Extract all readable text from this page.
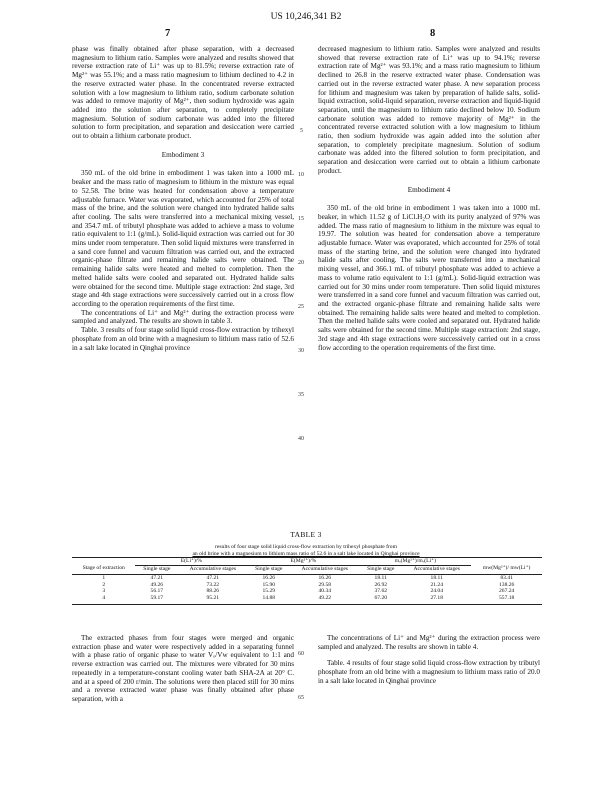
US 10,246,341 B2
7	8

phase was finally obtained after phase separation, with a decreased magnesium to lithium ratio. Samples were analyzed and results showed that reverse extraction rate of Li⁺ was up to 81.5%; reverse extraction rate of Mg²⁺ was 55.1%; and a mass ratio magnesium to lithium declined to 4.2 in the reserve extracted water phase. In the concentrated reverse extracted solution with a low magnesium to lithium ratio, sodium carbonate solution was added to remove majority of Mg²⁺, then sodium hydroxide was again added into the solution after separation, to completely precipitate magnesium. Solution of sodium carbonate was added into the filtered solution to form precipitation, and separation and desiccation were carried out to obtain a lithium carbonate product.

Embodiment 3

350 mL of the old brine in embodiment 1 was taken into a 1000 mL beaker and the mass ratio of magnesium to lithium in the mixture was equal to 52.58. The brine was heated for condensation above a temperature adjustable furnace. Water was evaporated, which accounted for 25% of total mass of the brine, and the solution were changed into hydrated halide salts after cooling. The salts were transferred into a mechanical mixing vessel, and 354.7 mL of tributyl phosphate was added to achieve a mass to volume ratio equivalent to 1:1 (g/mL). Solid-liquid extraction was carried out for 30 mins under room temperature. Then solid liquid mixtures were transferred in a sand core funnel and vacuum filtration was carried out, and the extracted organic-phase filtrate and remaining halide salts were obtained. The remaining halide salts were heated and melted to completion. Then the melted halide salts were cooled and separated out. Hydrated halide salts were obtained for the second time. Multiple stage extraction: 2nd stage, 3rd stage and 4th stage extractions were successively carried out in a cross flow according to the operation requirements of the first time.

The concentrations of Li⁺ and Mg²⁺ during the extraction process were sampled and analyzed. The results are shown in table 3.

Table. 3 results of four stage solid liquid cross-flow extraction by trihexyl phosphate from an old brine with a magnesium to lithium mass ratio of 52.6 in a salt lake located in Qinghai province

decreased magnesium to lithium ratio. Samples were analyzed and results showed that reverse extraction rate of Li⁺ was up to 94.1%; reverse extraction rate of Mg²⁺ was 93.1%; and a mass ratio magnesium to lithium declined to 26.8 in the reserve extracted water phase. Condensation was carried out in the reverse extracted water phase. A new separation process for lithium and magnesium was taken by preparation of halide salts, solid-liquid extraction, solid-liquid separation, reverse extraction and liquid-liquid separation, until the magnesium to lithium ratio declined below 10. Sodium carbonate solution was added to remove majority of Mg²⁺ in the concentrated reverse extracted solution with a low magnesium to lithium ratio, then sodium hydroxide was again added into the solution after separation, to completely precipitate magnesium. Solution of sodium carbonate was added into the filtered solution to form precipitation, and separation and desiccation were carried out to obtain a lithium carbonate product.

Embodiment 4

350 mL of the old brine in embodiment 1 was taken into a 1000 mL beaker, in which 11.52 g of LiCl.H₂O with its purity analyzed of 97% was added. The mass ratio of magnesium to lithium in the mixture was equal to 19.97. The solution was heated for condensation above a temperature adjustable furnace. Water was evaporated, which accounted for 25% of total mass of the starting brine, and the solution were changed into hydrated halide salts after cooling. The salts were transferred into a mechanical mixing vessel, and 366.1 mL of tributyl phosphate was added to achieve a mass to volume ratio equivalent to 1:1 (g/mL). Solid-liquid extraction was carried out for 30 mins under room temperature. Then solid liquid mixtures were transferred in a sand core funnel and vacuum filtration was carried out, and the extracted organic-phase filtrate and remaining halide salts were obtained. The remaining halide salts were heated and melted to completion. Then the melted halide salts were cooled and separated out. Hydrated halide salts were obtained for the second time. Multiple stage extraction: 2nd stage, 3rd stage and 4th stage extractions were successively carried out in a cross flow according to the operation requirements of the first time.

5
10
15
20
25
30
35
40
TABLE 3
results of four stage solid liquid cross-flow extraction by trihexyl phosphate from
an old brine with a magnesium to lithium mass ratio of 52.6 in a salt lake located in Qinghai province
	E(Li⁺)/%		E(Mg²⁺)/%		mₒ(Mg²⁺)/mₒ(Li⁺)		
Stage of extraction	Single stage	Accumulative stages	Single stage	Accumulative stages	Single stage	Accumulative stages	mw(Mg²⁺)/ mw(Li⁺)
1	47.21	47.21	16.26	16.26	18.11	18.11	83.41
2	49.26	73.22	15.90	29.58	26.92	21.24	138.26
3	56.17	88.26	15.29	40.34	37.62	24.04	267.24
4	59.17	95.21	14.88	49.22	67.20	27.18	557.18

The extracted phases from four stages were merged and organic extraction phase and water were respectively added in a separating funnel with a phase ratio of organic phase to water Vₒ/Vw equivalent to 1:1 and reverse extraction was carried out. The mixtures were vibrated for 30 mins repeatedly in a temperature-constant cooling water bath SHA-2A at 20° C. and at a speed of 200 r/min. The solutions were then placed still for 30 mins and a reverse extracted water phase was finally obtained after phase separation, with a

The concentrations of Li⁺ and Mg²⁺ during the extraction process were sampled and analyzed. The results are shown in table 4.

Table. 4 results of four stage solid liquid cross-flow extraction by tributyl phosphate from an old brine with a magnesium to lithium mass ratio of 20.0 in a salt lake located in Qinghai province

60
65
